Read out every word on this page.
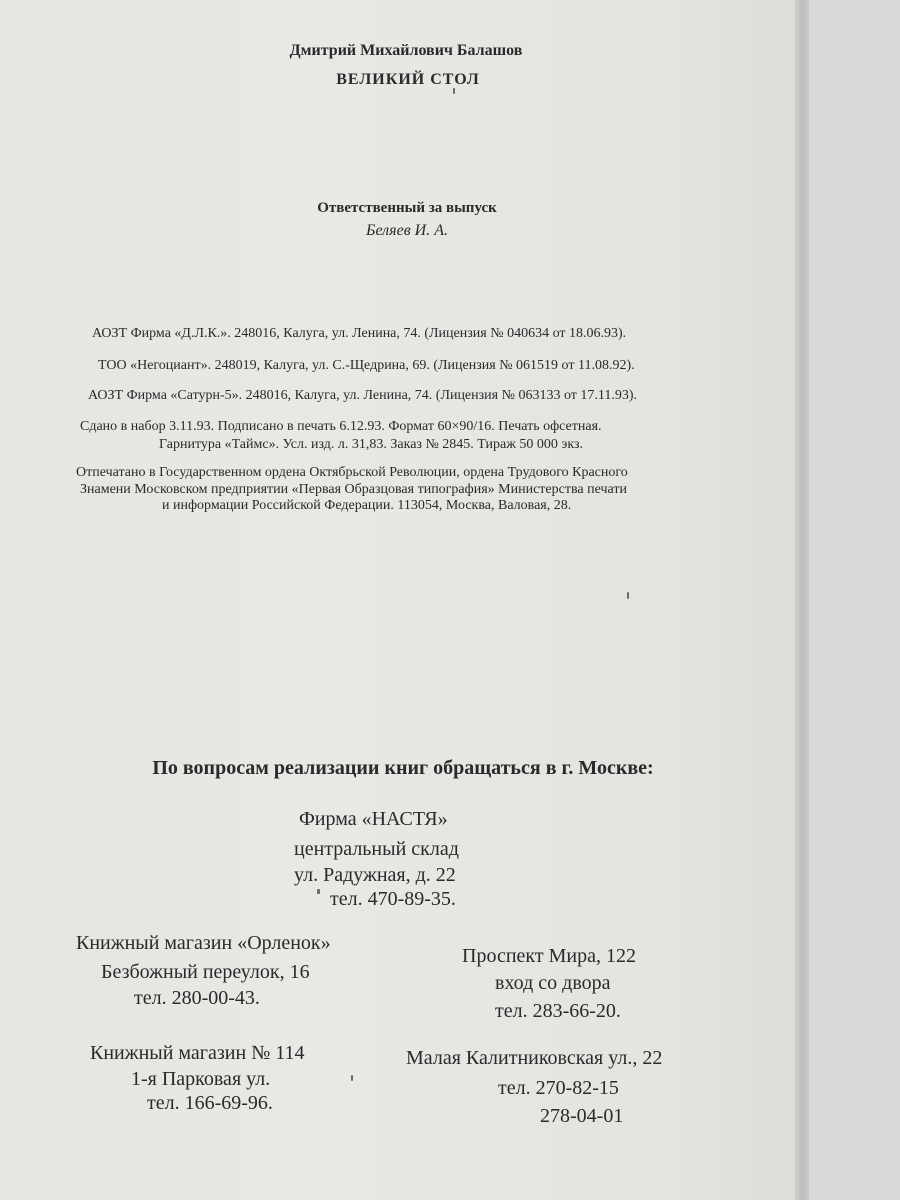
Дмитрий Михайлович Балашов
ВЕЛИКИЙ СТОЛ
Ответственный за выпуск
Беляев И. А.
АОЗТ Фирма «Д.Л.К.». 248016, Калуга, ул. Ленина, 74. (Лицензия № 040634 от 18.06.93).
ТОО «Негоциант». 248019, Калуга, ул. С.-Щедрина, 69. (Лицензия № 061519 от 11.08.92).
АОЗТ Фирма «Сатурн-5». 248016, Калуга, ул. Ленина, 74. (Лицензия № 063133 от 17.11.93).
Сдано в набор 3.11.93. Подписано в печать 6.12.93. Формат 60×90/16. Печать офсетная.
Гарнитура «Таймс». Усл. изд. л. 31,83. Заказ № 2845. Тираж 50 000 экз.
Отпечатано в Государственном ордена Октябрьской Революции, ордена Трудового Красного
Знамени Московском предприятии «Первая Образцовая типография» Министерства печати
и информации Российской Федерации. 113054, Москва, Валовая, 28.
По вопросам реализации книг обращаться в г. Москве:
Фирма «НАСТЯ»
центральный склад
ул. Радужная, д. 22
тел. 470-89-35.
Книжный магазин «Орленок»
Безбожный переулок, 16
тел. 280-00-43.
Проспект Мира, 122
вход со двора
тел. 283-66-20.
Книжный магазин № 114
1-я Парковая ул.
тел. 166-69-96.
Малая Калитниковская ул., 22
тел. 270-82-15
278-04-01
